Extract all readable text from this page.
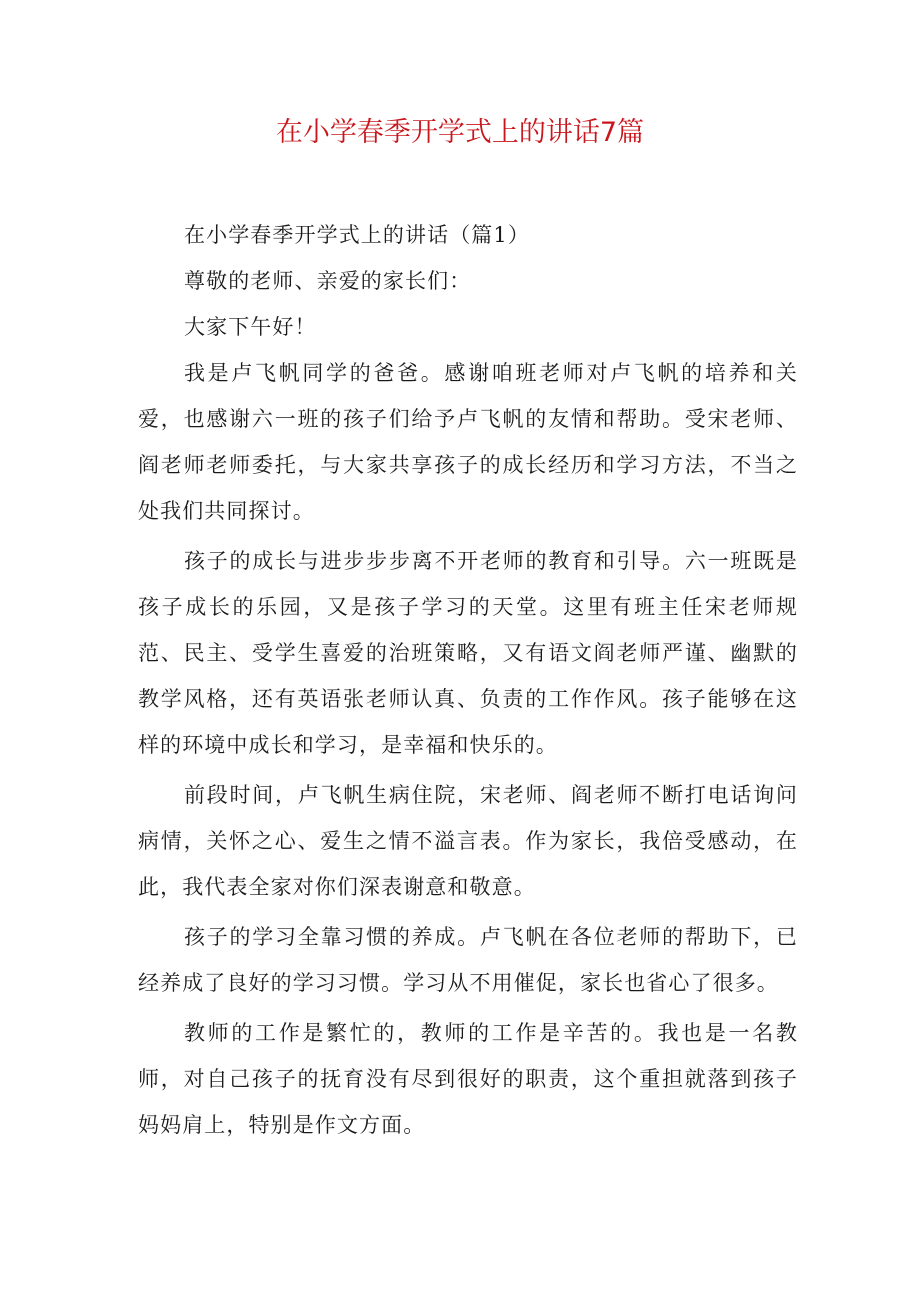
在小学春季开学式上的讲话7篇

在小学春季开学式上的讲话（篇1）

尊敬的老师、亲爱的家长们：

大家下午好！

我是卢飞帆同学的爸爸。感谢咱班老师对卢飞帆的培养和关爱，也感谢六一班的孩子们给予卢飞帆的友情和帮助。受宋老师、阎老师老师委托，与大家共享孩子的成长经历和学习方法，不当之处我们共同探讨。

孩子的成长与进步步步离不开老师的教育和引导。六一班既是孩子成长的乐园，又是孩子学习的天堂。这里有班主任宋老师规范、民主、受学生喜爱的治班策略，又有语文阎老师严谨、幽默的教学风格，还有英语张老师认真、负责的工作作风。孩子能够在这样的环境中成长和学习，是幸福和快乐的。

前段时间，卢飞帆生病住院，宋老师、阎老师不断打电话询问病情，关怀之心、爱生之情不溢言表。作为家长，我倍受感动，在此，我代表全家对你们深表谢意和敬意。

孩子的学习全靠习惯的养成。卢飞帆在各位老师的帮助下，已经养成了良好的学习习惯。学习从不用催促，家长也省心了很多。

教师的工作是繁忙的，教师的工作是辛苦的。我也是一名教师，对自己孩子的抚育没有尽到很好的职责，这个重担就落到孩子妈妈肩上，特别是作文方面。
